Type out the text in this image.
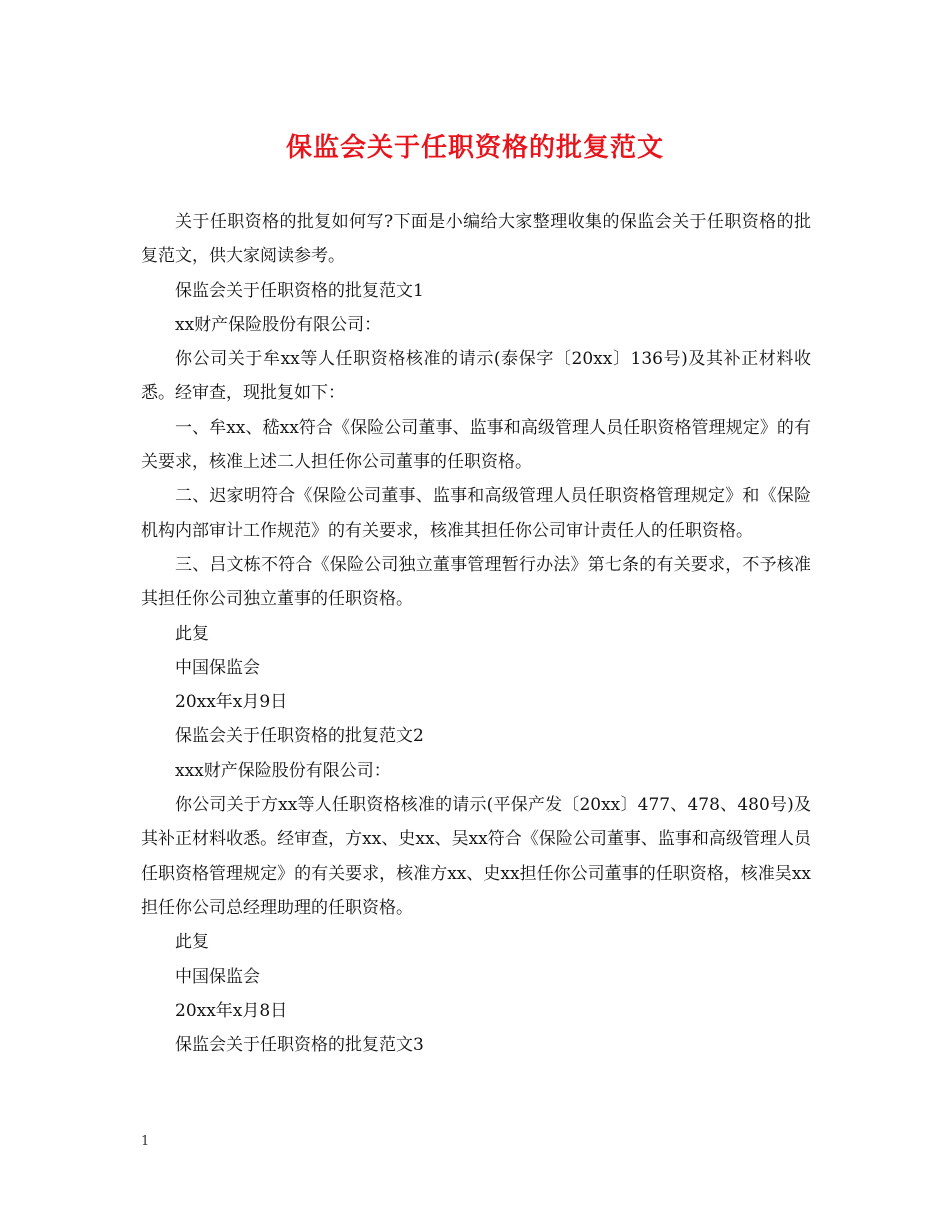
保监会关于任职资格的批复范文

关于任职资格的批复如何写?下面是小编给大家整理收集的保监会关于任职资格的批复范文，供大家阅读参考。

保监会关于任职资格的批复范文1

xx财产保险股份有限公司：

你公司关于牟xx等人任职资格核准的请示(泰保字〔20xx〕136号)及其补正材料收悉。经审查，现批复如下：

一、牟xx、嵇xx符合《保险公司董事、监事和高级管理人员任职资格管理规定》的有关要求，核准上述二人担任你公司董事的任职资格。

二、迟家明符合《保险公司董事、监事和高级管理人员任职资格管理规定》和《保险机构内部审计工作规范》的有关要求，核准其担任你公司审计责任人的任职资格。

三、吕文栋不符合《保险公司独立董事管理暂行办法》第七条的有关要求，不予核准其担任你公司独立董事的任职资格。

此复

中国保监会

20xx年x月9日

保监会关于任职资格的批复范文2

xxx财产保险股份有限公司：

你公司关于方xx等人任职资格核准的请示(平保产发〔20xx〕477、478、480号)及其补正材料收悉。经审查，方xx、史xx、吴xx符合《保险公司董事、监事和高级管理人员任职资格管理规定》的有关要求，核准方xx、史xx担任你公司董事的任职资格，核准吴xx担任你公司总经理助理的任职资格。

此复

中国保监会

20xx年x月8日

保监会关于任职资格的批复范文3

1
